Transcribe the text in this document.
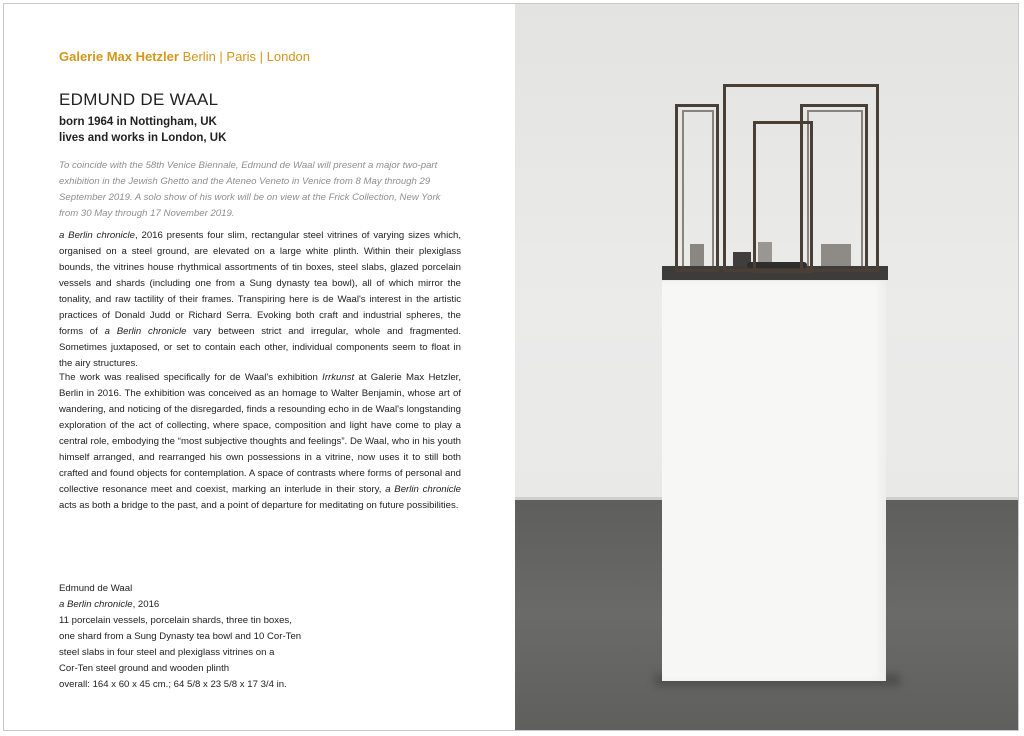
Galerie Max Hetzler Berlin | Paris | London
EDMUND DE WAAL
born 1964 in Nottingham, UK
lives and works in London, UK
To coincide with the 58th Venice Biennale, Edmund de Waal will present a major two-part exhibition in the Jewish Ghetto and the Ateneo Veneto in Venice from 8 May through 29 September 2019. A solo show of his work will be on view at the Frick Collection, New York from 30 May through 17 November 2019.
a Berlin chronicle, 2016 presents four slim, rectangular steel vitrines of varying sizes which, organised on a steel ground, are elevated on a large white plinth. Within their plexiglass bounds, the vitrines house rhythmical assortments of tin boxes, steel slabs, glazed porcelain vessels and shards (including one from a Sung dynasty tea bowl), all of which mirror the tonality, and raw tactility of their frames. Transpiring here is de Waal's interest in the artistic practices of Donald Judd or Richard Serra. Evoking both craft and industrial spheres, the forms of a Berlin chronicle vary between strict and irregular, whole and fragmented. Sometimes juxtaposed, or set to contain each other, individual components seem to float in the airy structures.
The work was realised specifically for de Waal's exhibition Irrkunst at Galerie Max Hetzler, Berlin in 2016. The exhibition was conceived as an homage to Walter Benjamin, whose art of wandering, and noticing of the disregarded, finds a resounding echo in de Waal's longstanding exploration of the act of collecting, where space, composition and light have come to play a central role, embodying the “most subjective thoughts and feelings”. De Waal, who in his youth himself arranged, and rearranged his own possessions in a vitrine, now uses it to still both crafted and found objects for contemplation. A space of contrasts where forms of personal and collective resonance meet and coexist, marking an interlude in their story, a Berlin chronicle acts as both a bridge to the past, and a point of departure for meditating on future possibilities.
Edmund de Waal
a Berlin chronicle, 2016
11 porcelain vessels, porcelain shards, three tin boxes,
one shard from a Sung Dynasty tea bowl and 10 Cor-Ten
steel slabs in four steel and plexiglass vitrines on a
Cor-Ten steel ground and wooden plinth
overall: 164 x 60 x 45 cm.; 64 5/8 x 23 5/8 x 17 3/4 in.
